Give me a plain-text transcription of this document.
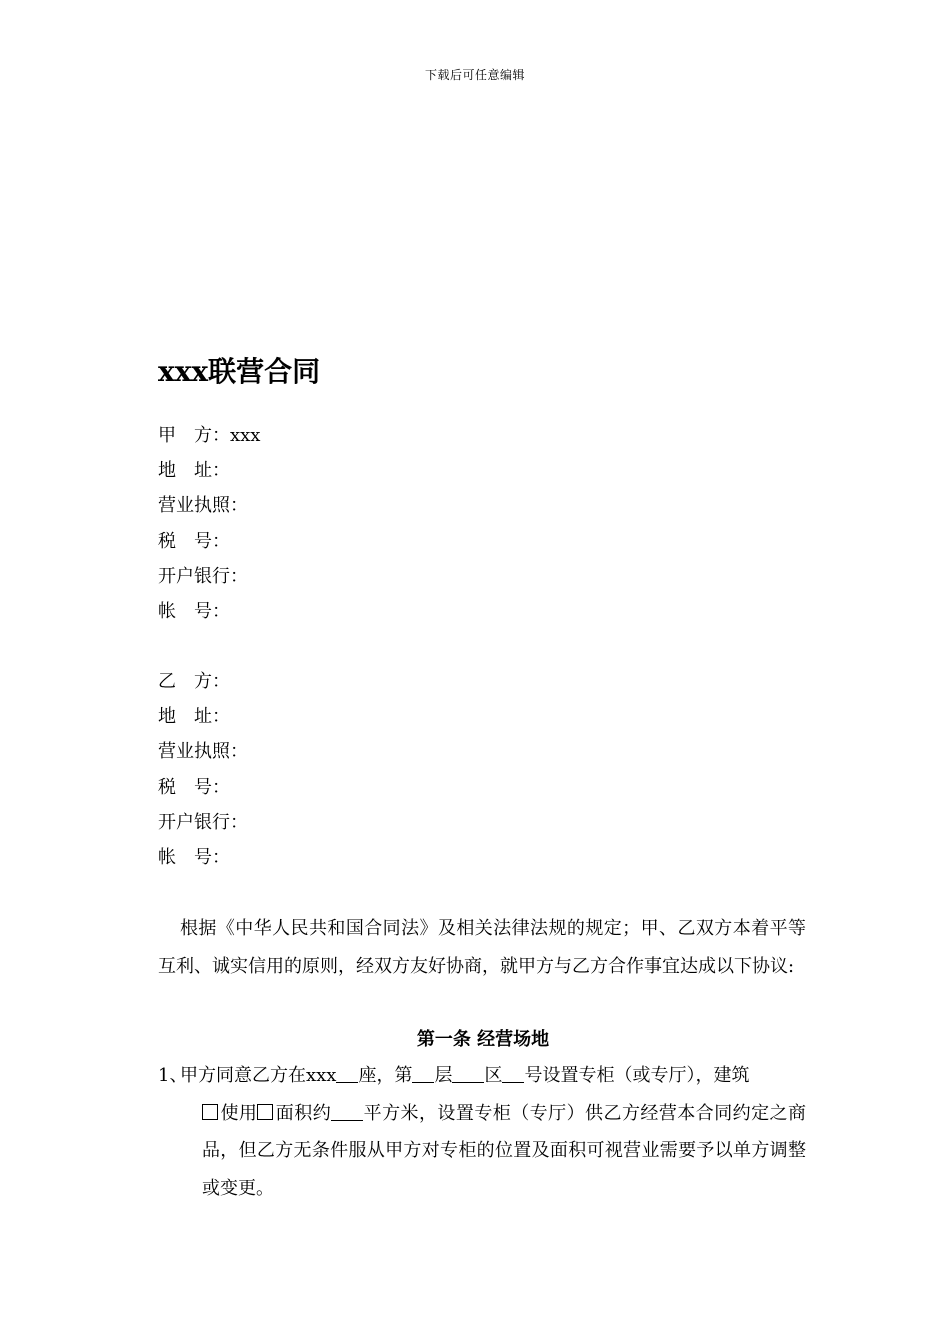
下载后可任意编辑
xxx联营合同
甲　方：xxx
地　址：
营业执照：
税　号：
开户银行：
帐　号：
乙　方：
地　址：
营业执照：
税　号：
开户银行：
帐　号：

根据《中华人民共和国合同法》及相关法律法规的规定；甲、乙双方本着平等互利、诚实信用的原则，经双方友好协商，就甲方与乙方合作事宜达成以下协议:

第一条 经营场地
1、
甲方同意乙方在xxx 座，第 层 区 号设置专柜（或专厅），建筑
使用 面积约 平方米，设置专柜（专厅）供乙方经营本合同约定之商品，但乙方无条件服从甲方对专柜的位置及面积可视营业需要予以单方调整或变更。
